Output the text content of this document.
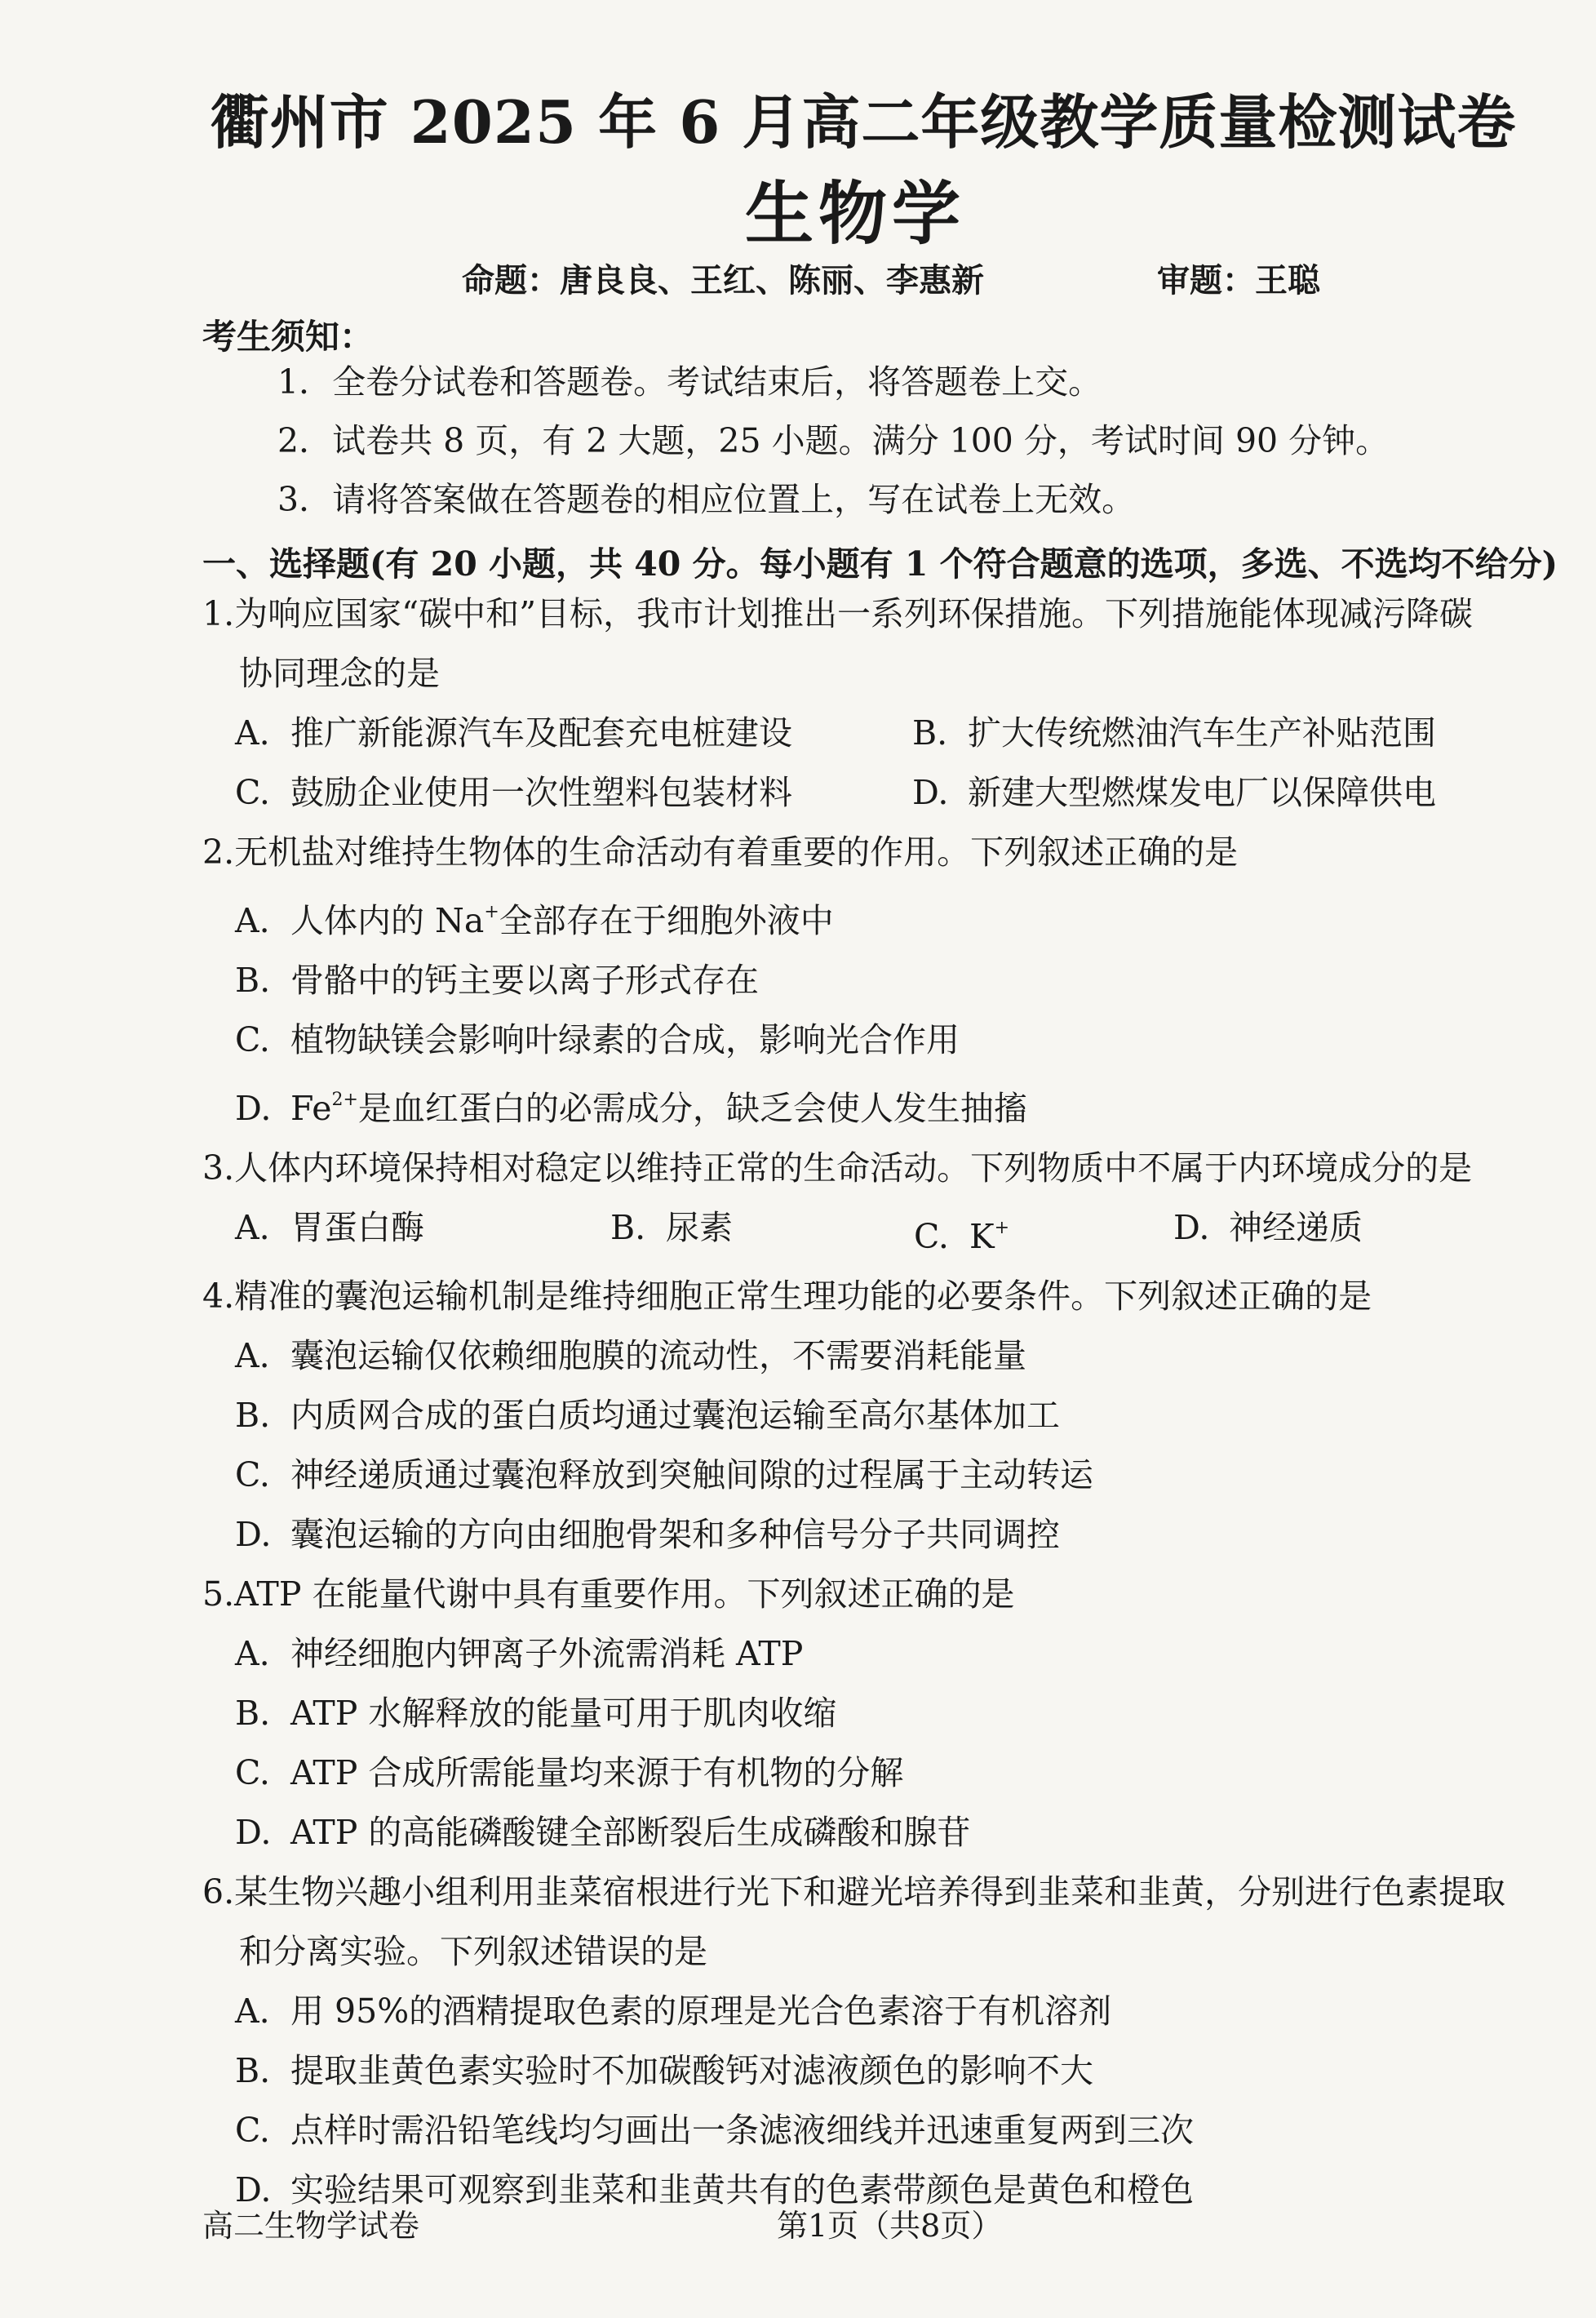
衢州市 2025 年 6 月高二年级教学质量检测试卷
生物学
命题：唐良良、王红、陈丽、李惠新	审题：王聪
考生须知：
1．全卷分试卷和答题卷。考试结束后，将答题卷上交。
2．试卷共 8 页，有 2 大题，25 小题。满分 100 分，考试时间 90 分钟。
3．请将答案做在答题卷的相应位置上，写在试卷上无效。
一、选择题(有 20 小题，共 40 分。每小题有 1 个符合题意的选项，多选、不选均不给分)
1.为响应国家“碳中和”目标，我市计划推出一系列环保措施。下列措施能体现减污降碳
协同理念的是
A. 推广新能源汽车及配套充电桩建设	B. 扩大传统燃油汽车生产补贴范围
C. 鼓励企业使用一次性塑料包装材料	D. 新建大型燃煤发电厂以保障供电
2.无机盐对维持生物体的生命活动有着重要的作用。下列叙述正确的是
A. 人体内的 Na+全部存在于细胞外液中
B. 骨骼中的钙主要以离子形式存在
C. 植物缺镁会影响叶绿素的合成，影响光合作用
D. $Fe^{2+}$是血红蛋白的必需成分，缺乏会使人发生抽搐
3.人体内环境保持相对稳定以维持正常的生命活动。下列物质中不属于内环境成分的是
A. 胃蛋白酶	B. 尿素	C. K+	D. 神经递质
4.精准的囊泡运输机制是维持细胞正常生理功能的必要条件。下列叙述正确的是
A. 囊泡运输仅依赖细胞膜的流动性，不需要消耗能量
B. 内质网合成的蛋白质均通过囊泡运输至高尔基体加工
C. 神经递质通过囊泡释放到突触间隙的过程属于主动转运
D. 囊泡运输的方向由细胞骨架和多种信号分子共同调控
5.ATP 在能量代谢中具有重要作用。下列叙述正确的是
A. 神经细胞内钾离子外流需消耗 ATP
B. ATP 水解释放的能量可用于肌肉收缩
C. ATP 合成所需能量均来源于有机物的分解
D. ATP 的高能磷酸键全部断裂后生成磷酸和腺苷
6.某生物兴趣小组利用韭菜宿根进行光下和避光培养得到韭菜和韭黄，分别进行色素提取
和分离实验。下列叙述错误的是
A. 用 95%的酒精提取色素的原理是光合色素溶于有机溶剂
B. 提取韭黄色素实验时不加碳酸钙对滤液颜色的影响不大
C. 点样时需沿铅笔线均匀画出一条滤液细线并迅速重复两到三次
D. 实验结果可观察到韭菜和韭黄共有的色素带颜色是黄色和橙色
高二生物学试卷	第1页（共8页）
